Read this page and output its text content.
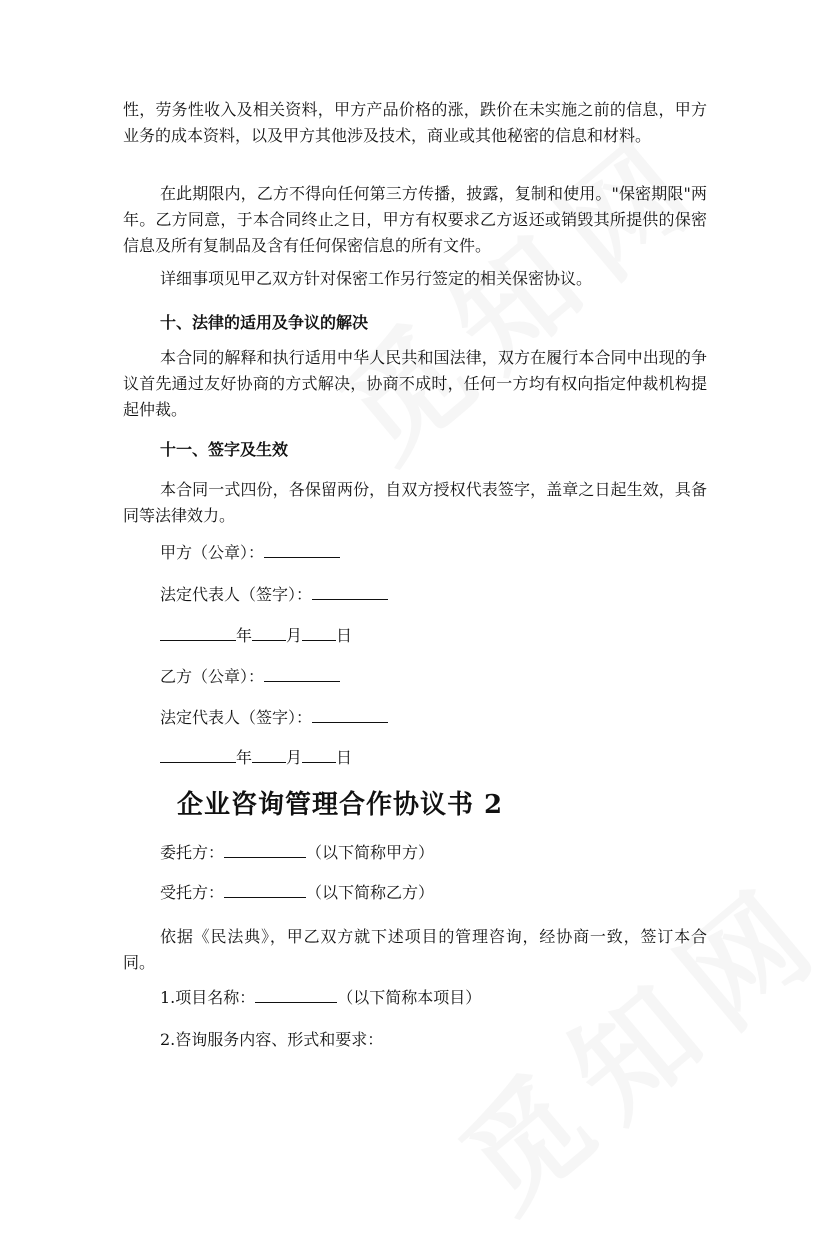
性，劳务性收入及相关资料，甲方产品价格的涨，跌价在未实施之前的信息，甲方业务的成本资料，以及甲方其他涉及技术，商业或其他秘密的信息和材料。

在此期限内，乙方不得向任何第三方传播，披露，复制和使用。"保密期限"两年。乙方同意，于本合同终止之日，甲方有权要求乙方返还或销毁其所提供的保密信息及所有复制品及含有任何保密信息的所有文件。

详细事项见甲乙双方针对保密工作另行签定的相关保密协议。

十、法律的适用及争议的解决

本合同的解释和执行适用中华人民共和国法律，双方在履行本合同中出现的争议首先通过友好协商的方式解决，协商不成时，任何一方均有权向指定仲裁机构提起仲裁。

十一、签字及生效

本合同一式四份，各保留两份，自双方授权代表签字，盖章之日起生效，具备同等法律效力。

甲方（公章）：

法定代表人（签字）：

年 月 日

乙方（公章）：

法定代表人（签字）：

年 月 日

企业咨询管理合作协议书 2

委托方：	（以下简称甲方）

受托方：	（以下简称乙方）

依据《民法典》，甲乙双方就下述项目的管理咨询，经协商一致，签订本合同。

1.项目名称：	（以下简称本项目）

2.咨询服务内容、形式和要求：
